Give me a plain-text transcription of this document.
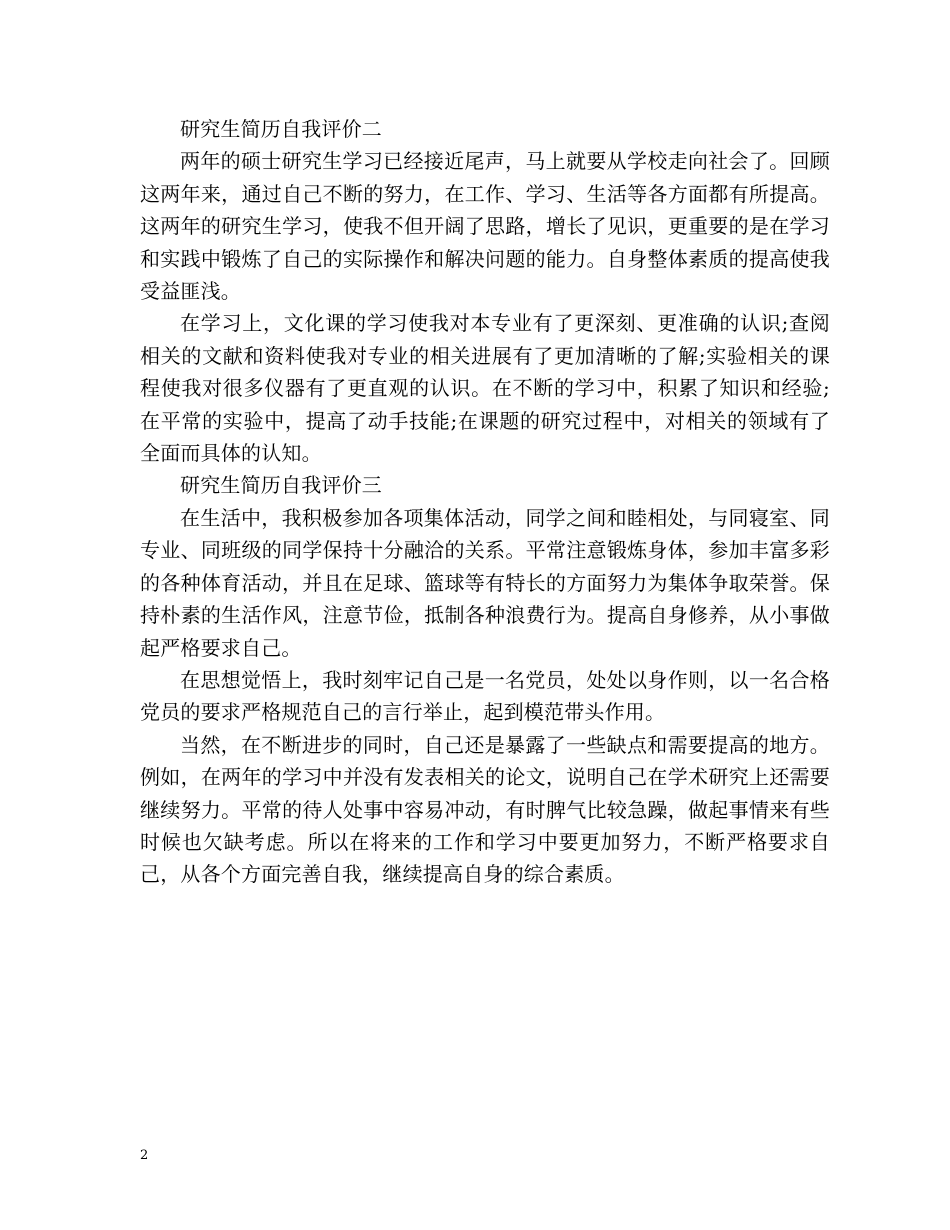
研究生简历自我评价二

两年的硕士研究生学习已经接近尾声，马上就要从学校走向社会了。回顾这两年来，通过自己不断的努力，在工作、学习、生活等各方面都有所提高。这两年的研究生学习，使我不但开阔了思路，增长了见识，更重要的是在学习和实践中锻炼了自己的实际操作和解决问题的能力。自身整体素质的提高使我受益匪浅。

在学习上，文化课的学习使我对本专业有了更深刻、更准确的认识;查阅相关的文献和资料使我对专业的相关进展有了更加清晰的了解;实验相关的课程使我对很多仪器有了更直观的认识。在不断的学习中，积累了知识和经验;在平常的实验中，提高了动手技能;在课题的研究过程中，对相关的领域有了全面而具体的认知。

研究生简历自我评价三

在生活中，我积极参加各项集体活动，同学之间和睦相处，与同寝室、同专业、同班级的同学保持十分融洽的关系。平常注意锻炼身体，参加丰富多彩的各种体育活动，并且在足球、篮球等有特长的方面努力为集体争取荣誉。保持朴素的生活作风，注意节俭，抵制各种浪费行为。提高自身修养，从小事做起严格要求自己。

在思想觉悟上，我时刻牢记自己是一名党员，处处以身作则，以一名合格党员的要求严格规范自己的言行举止，起到模范带头作用。

当然，在不断进步的同时，自己还是暴露了一些缺点和需要提高的地方。例如，在两年的学习中并没有发表相关的论文，说明自己在学术研究上还需要继续努力。平常的待人处事中容易冲动，有时脾气比较急躁，做起事情来有些时候也欠缺考虑。所以在将来的工作和学习中要更加努力，不断严格要求自己，从各个方面完善自我，继续提高自身的综合素质。

2
